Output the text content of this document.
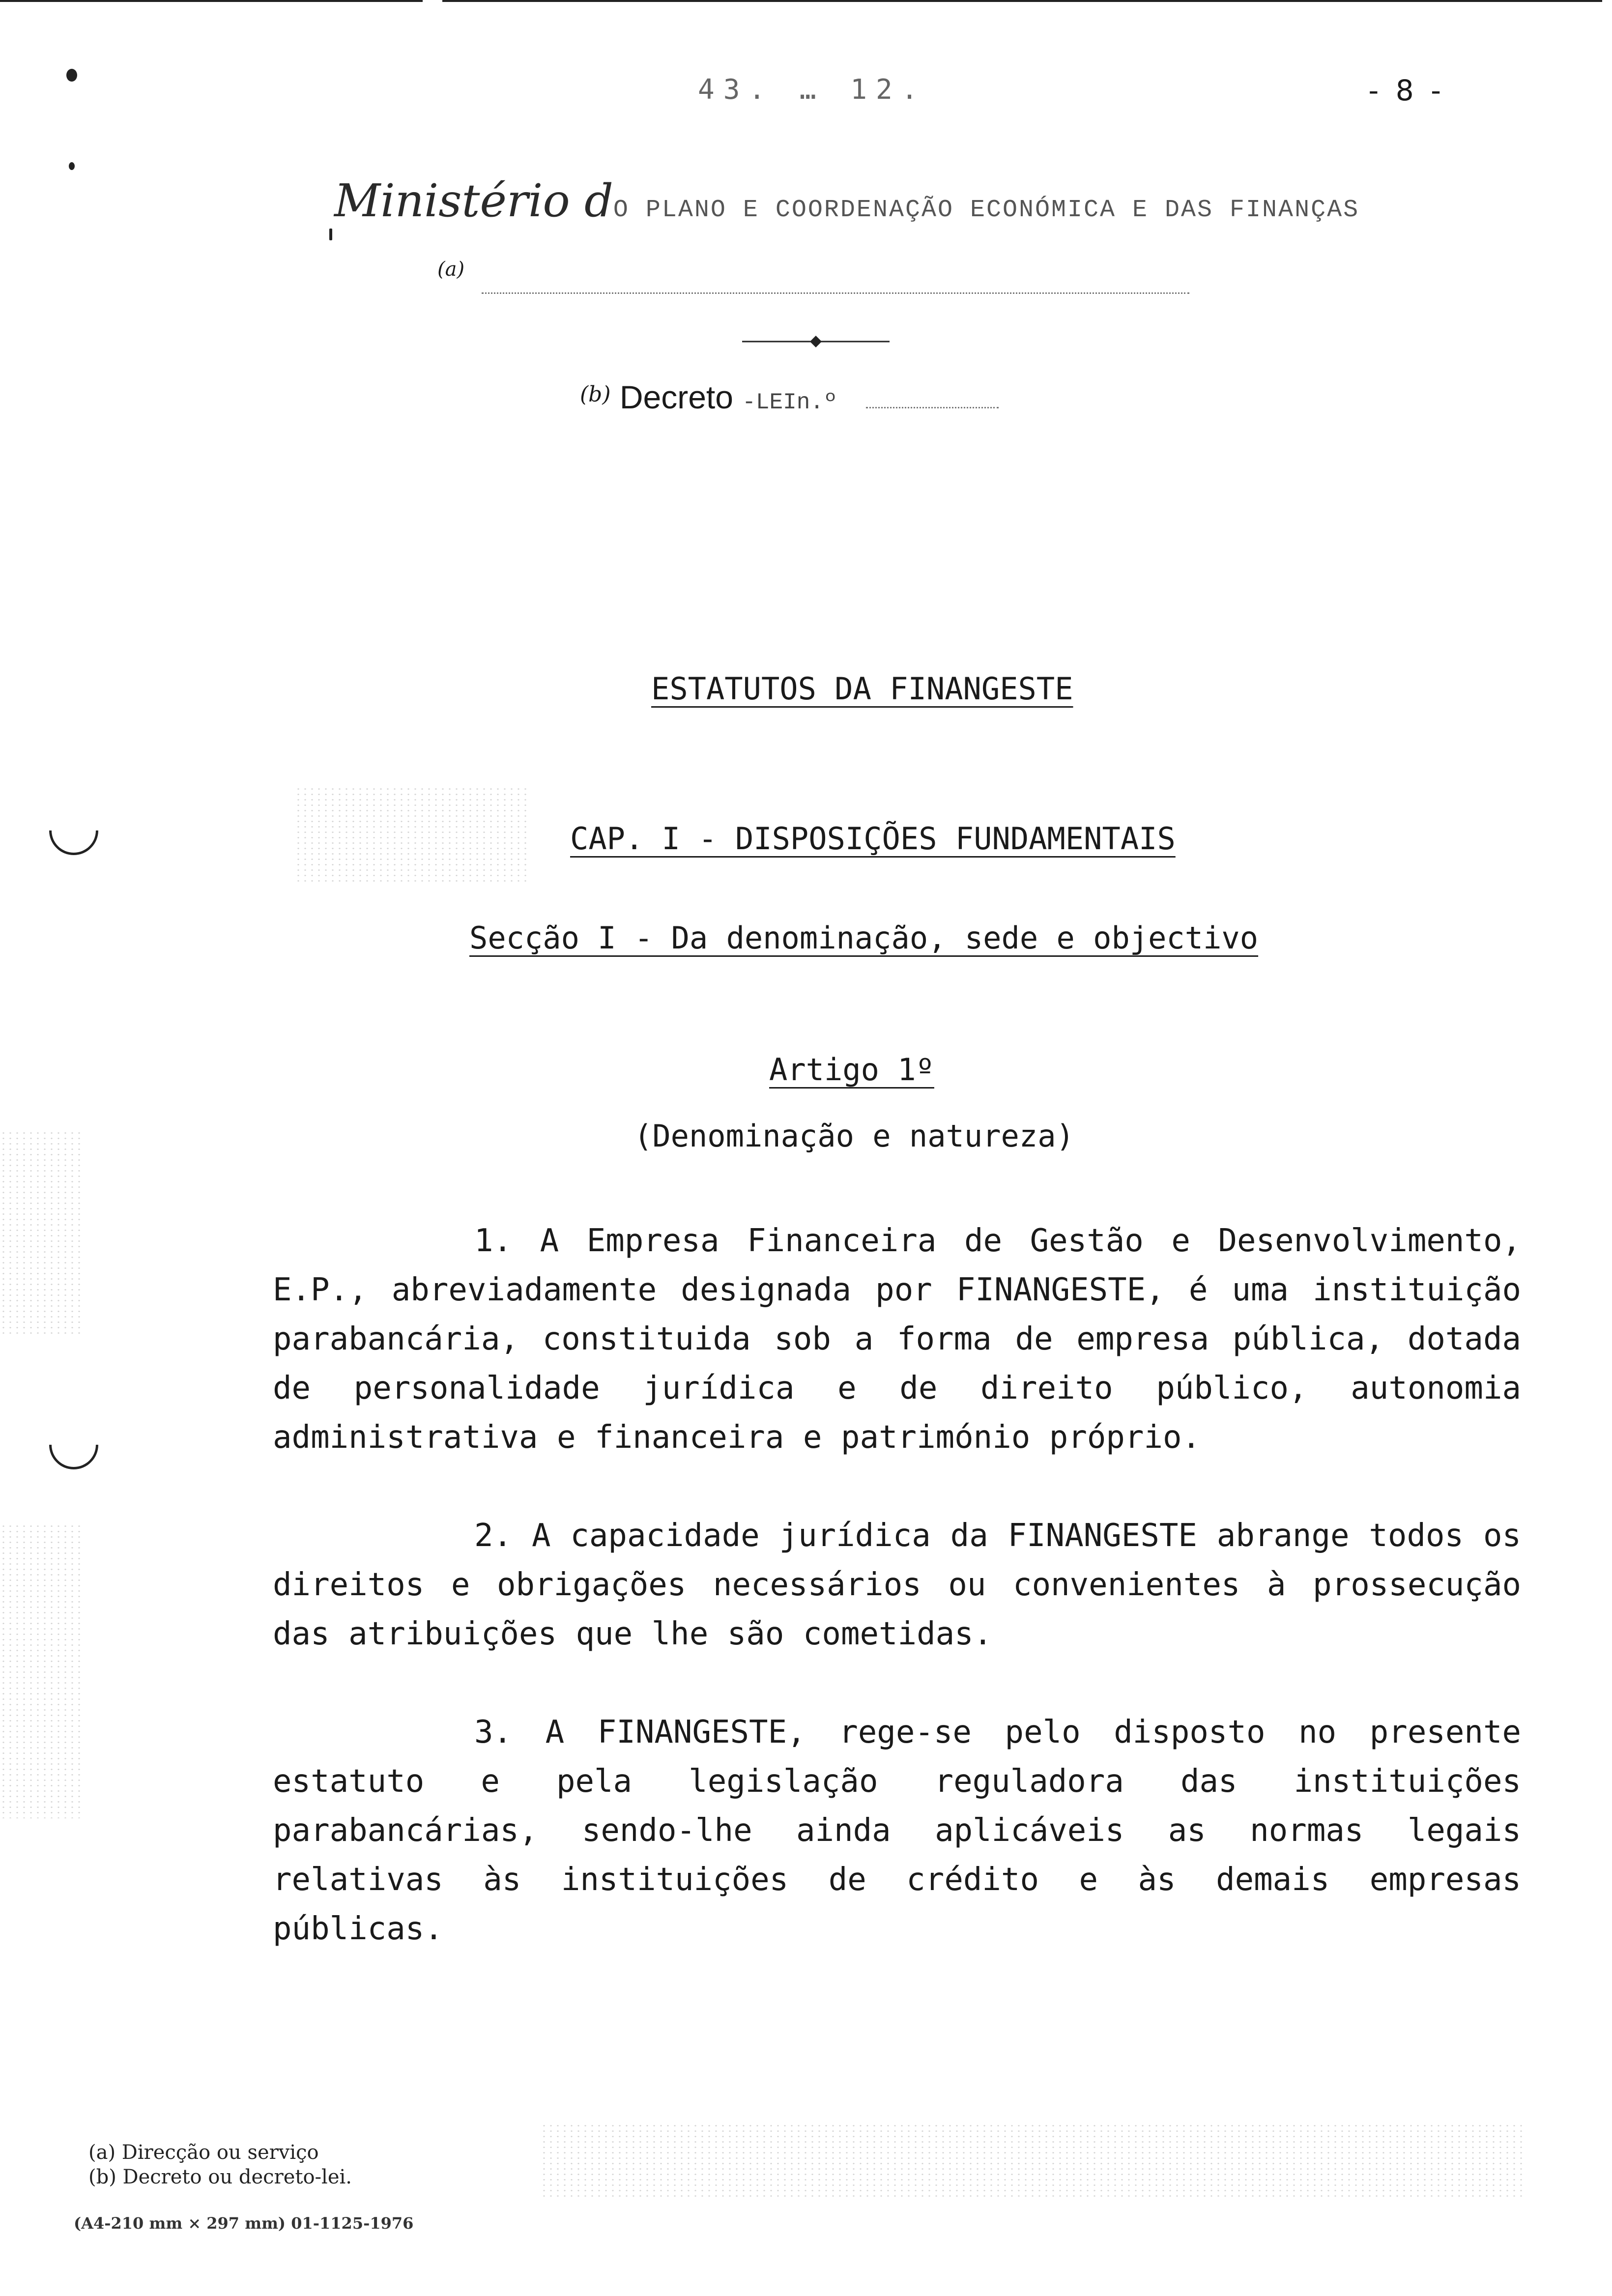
43. … 12.	- 8 -
Ministério dO PLANO E COORDENAÇÃO ECONÓMICA E DAS FINANÇAS
(a)
$^{(b)}$ Decreto -LEIn.º
ESTATUTOS DA FINANGESTE
CAP. I - DISPOSIÇÕES FUNDAMENTAIS
Secção I - Da denominação, sede e objectivo
Artigo 1º
(Denominação e natureza)
1. A Empresa Financeira de Gestão e Desenvolvimento, E.P., abreviadamente designada por FINANGESTE, é uma instituição parabancária, constituida sob a forma de empresa pública, dotada de personalidade jurídica e de direito público, autonomia administrativa e financeira e património próprio.
2. A capacidade jurídica da FINANGESTE abrange todos os direitos e obrigações necessários ou convenientes à prossecução das atribuições que lhe são cometidas.
3. A FINANGESTE, rege-se pelo disposto no presente estatuto e pela legislação reguladora das instituições parabancárias, sendo-lhe ainda aplicáveis as normas legais relativas às instituições de crédito e às demais empresas públicas.
(a) Direcção ou serviço
(b) Decreto ou decreto-lei.
(A4-210 mm × 297 mm) 01-1125-1976
